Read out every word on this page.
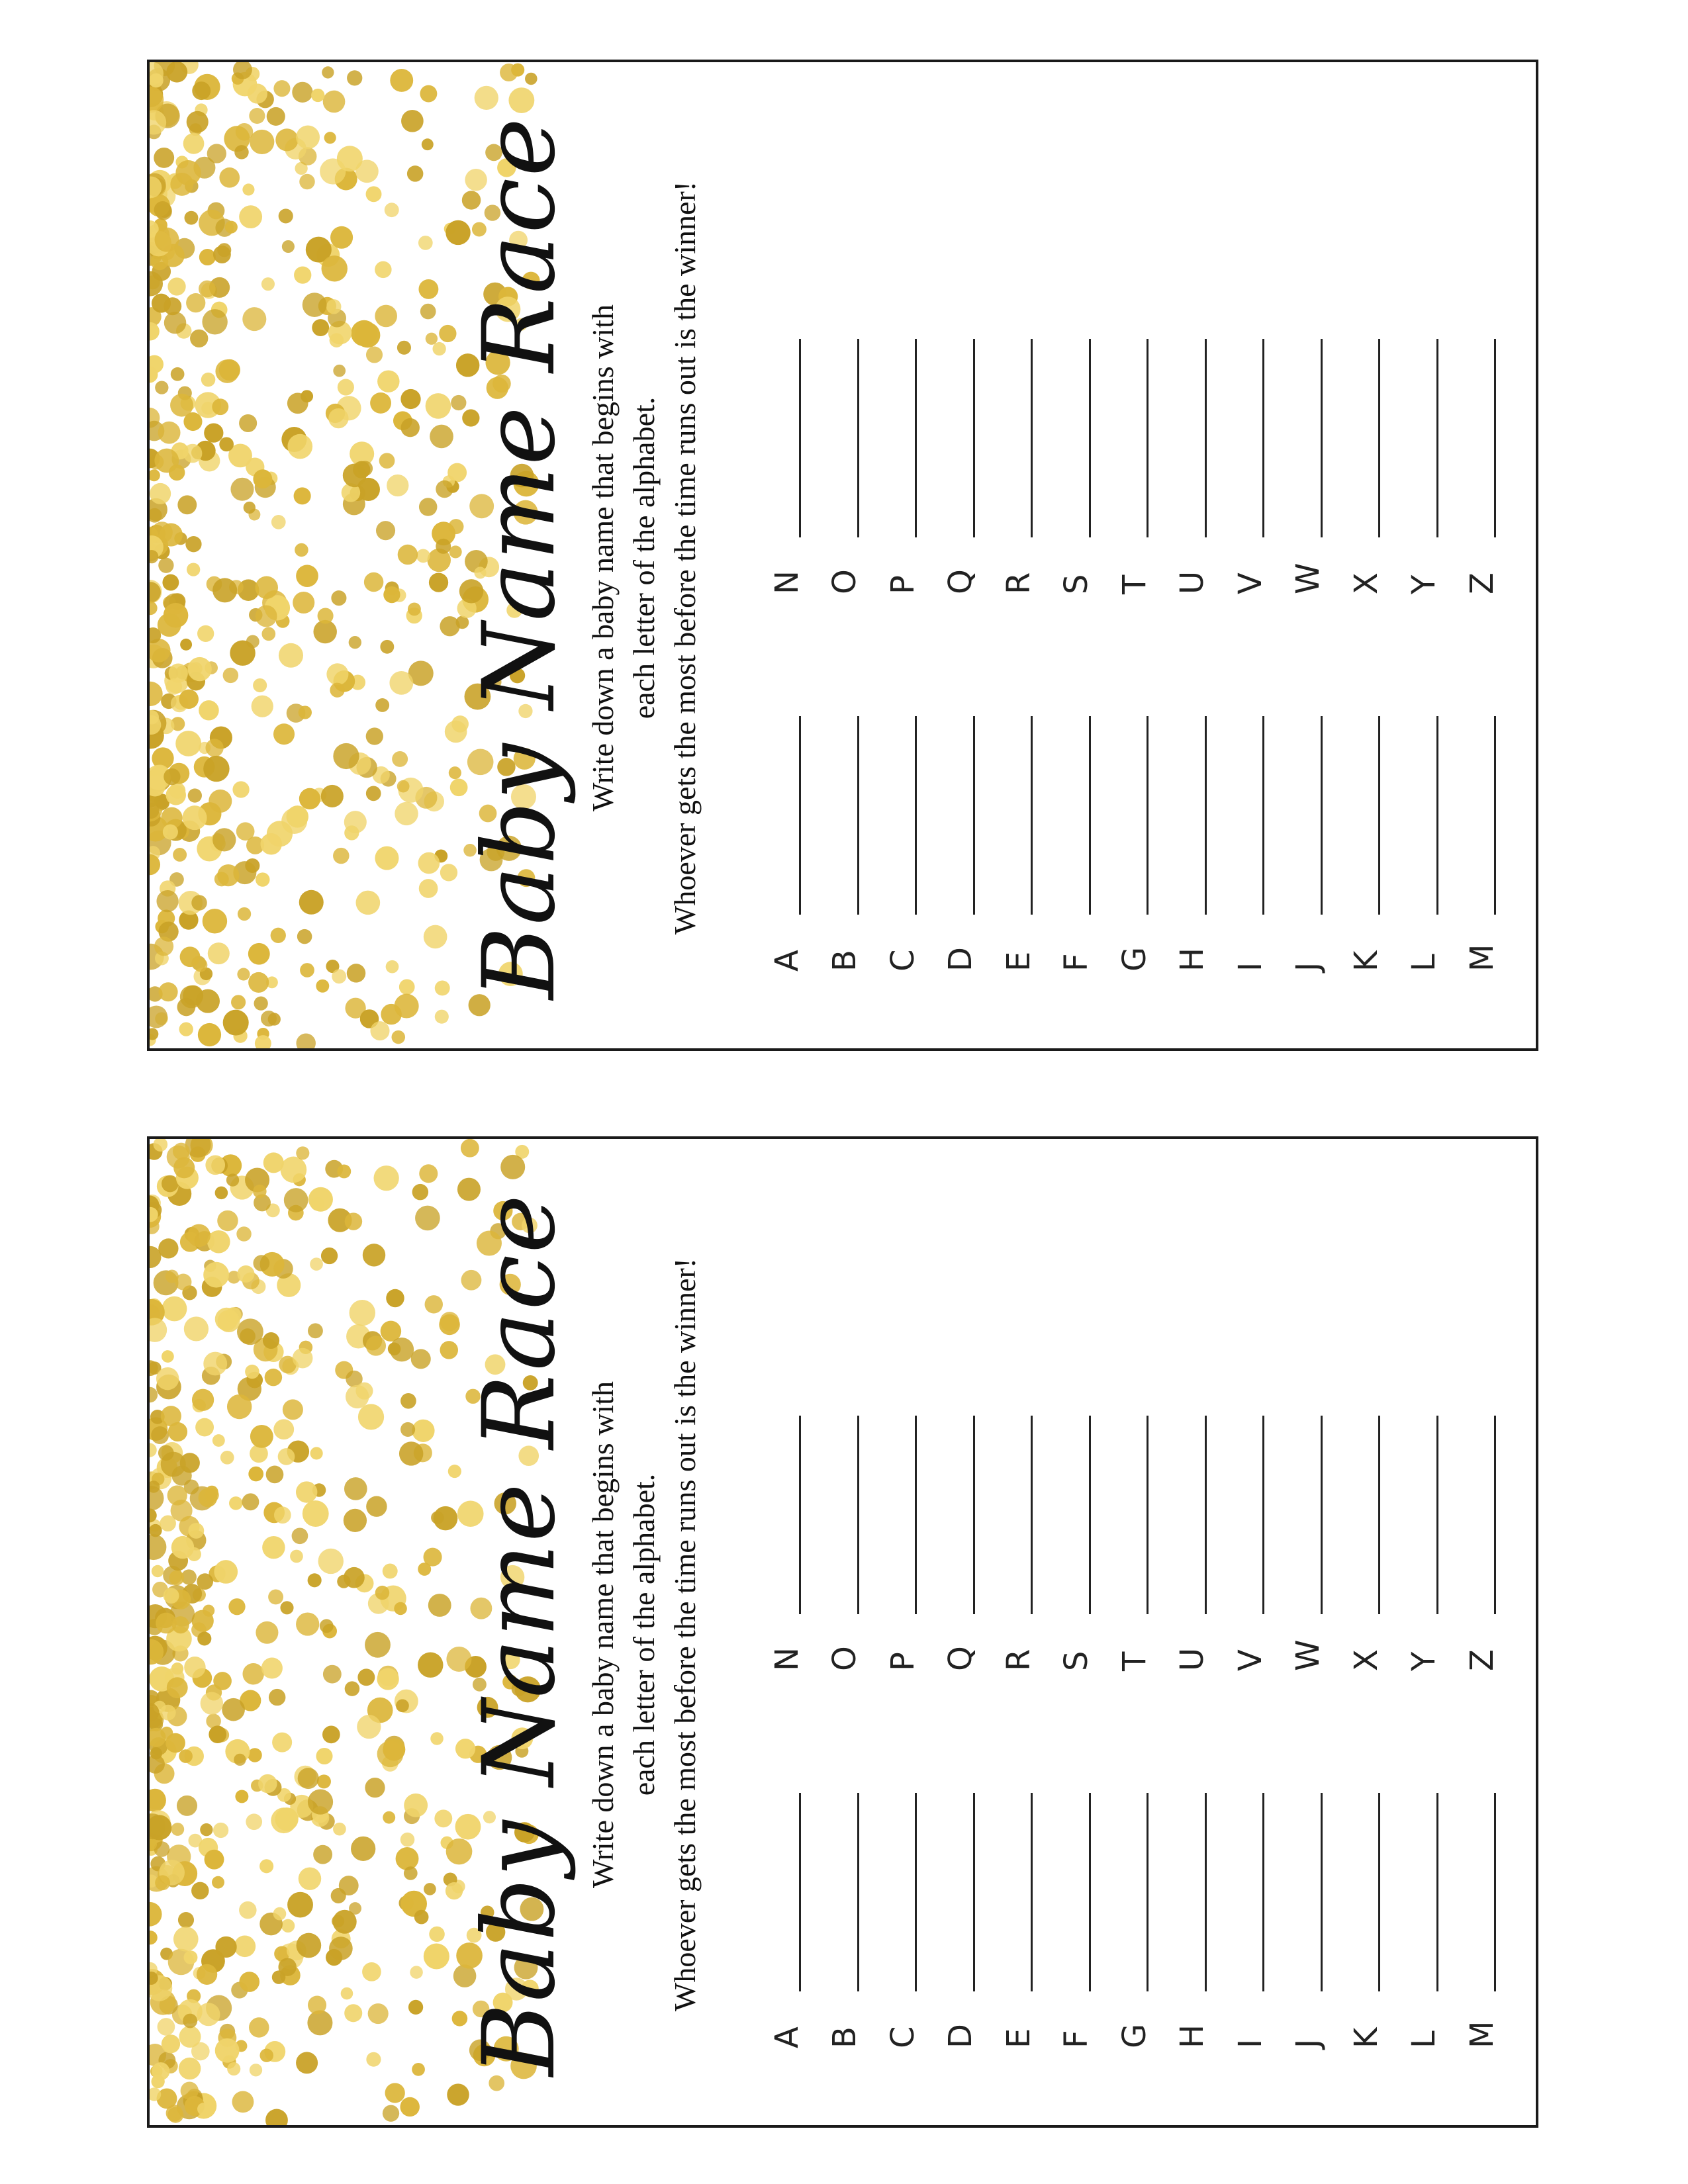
Baby Name Race Write down a baby name that begins with each letter of the alphabet. Whoever gets the most before the time runs out is the winner!
A B C D E F G H I J K L M
N O P Q R S T U V W X Y Z
Baby Name Race Write down a baby name that begins with each letter of the alphabet. Whoever gets the most before the time runs out is the winner!
A B C D E F G H I J K L M
N O P Q R S T U V W X Y Z
